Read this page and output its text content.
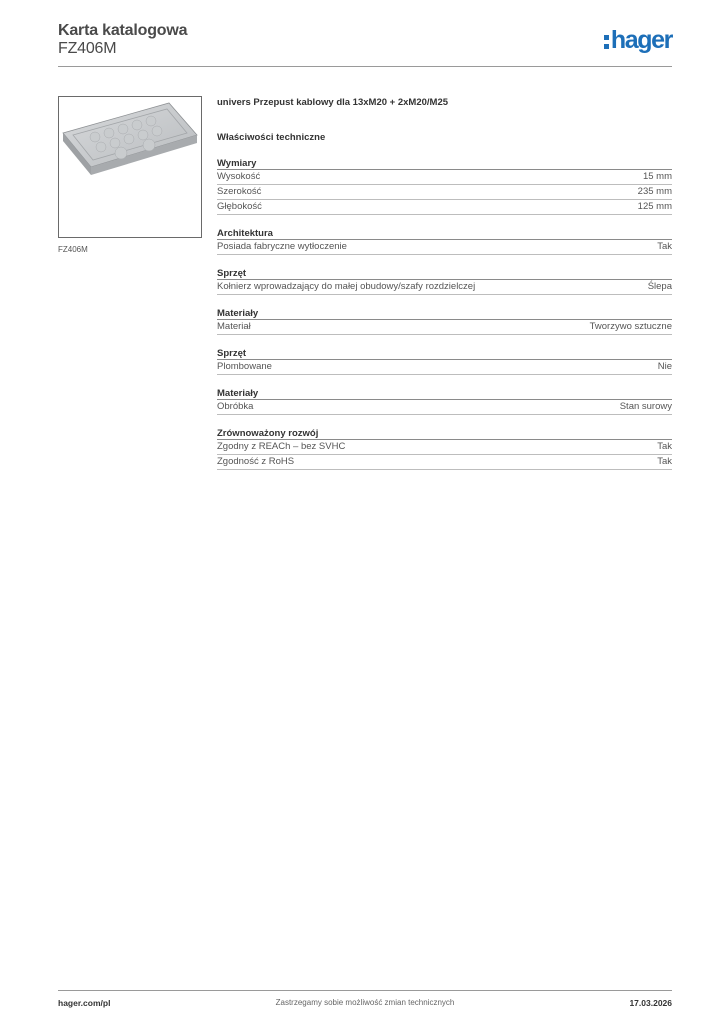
Karta katalogowa
FZ406M	hager
FZ406M
univers Przepust kablowy dla 13xM20 + 2xM20/M25
Właściwości techniczne
Wymiary
Wysokość	15 mm
Szerokość	235 mm
Głębokość	125 mm
Architektura
Posiada fabryczne wytłoczenie	Tak
Sprzęt
Kołnierz wprowadzający do małej obudowy/szafy rozdzielczej	Ślepa
Materiały
Materiał	Tworzywo sztuczne
Sprzęt
Plombowane	Nie
Materiały
Obróbka	Stan surowy
Zrównoważony rozwój
Zgodny z REACh – bez SVHC	Tak
Zgodność z RoHS	Tak
Zastrzegamy sobie możliwość zmian technicznych
hager.com/pl	17.03.2026
